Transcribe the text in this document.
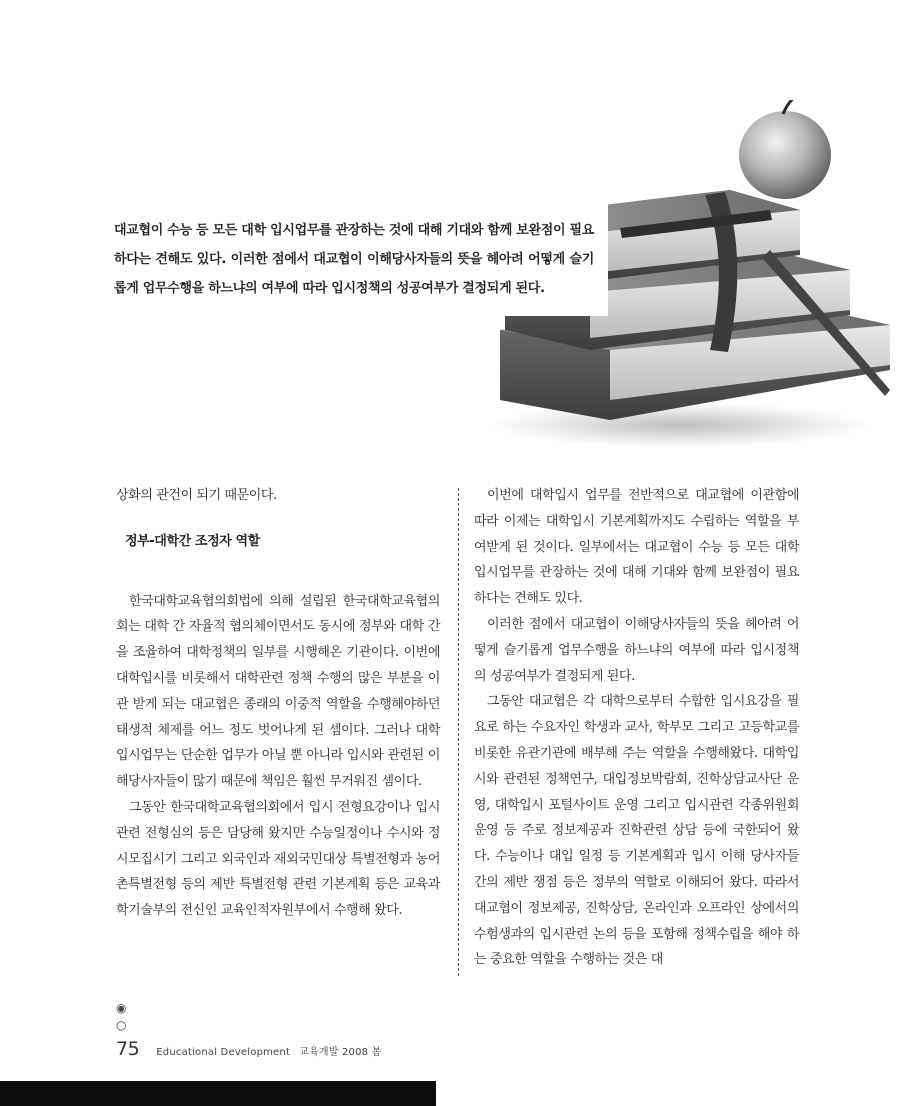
대교협이 수능 등 모든 대학 입시업무를 관장하는 것에 대해 기대와 함께 보완점이 필요하다는 견해도 있다. 이러한 점에서 대교협이 이해당사자들의 뜻을 헤아려 어떻게 슬기롭게 업무수행을 하느냐의 여부에 따라 입시정책의 성공여부가 결정되게 된다.

상화의 관건이 되기 때문이다.

정부-대학간 조정자 역할

한국대학교육협의회법에 의해 설립된 한국대학교육협의회는 대학 간 자율적 협의체이면서도 동시에 정부와 대학 간을 조율하여 대학정책의 일부를 시행해온 기관이다. 이번에 대학입시를 비롯해서 대학관련 정책 수행의 많은 부분을 이관 받게 되는 대교협은 종래의 이중적 역할을 수행해야하던 태생적 체제를 어느 정도 벗어나게 된 셈이다. 그러나 대학입시업무는 단순한 업무가 아닐 뿐 아니라 입시와 관련된 이해당사자들이 많기 때문에 책임은 훨씬 무거워진 셈이다.

그동안 한국대학교육협의회에서 입시 전형요강이나 입시관련 전형심의 등은 담당해 왔지만 수능일정이나 수시와 정시모집시기 그리고 외국인과 재외국민대상 특별전형과 농어촌특별전형 등의 제반 특별전형 관련 기본계획 등은 교육과학기술부의 전신인 교육인적자원부에서 수행해 왔다.

이번에 대학입시 업무를 전반적으로 대교협에 이관함에 따라 이제는 대학입시 기본계획까지도 수립하는 역할을 부여받게 된 것이다. 일부에서는 대교협이 수능 등 모든 대학 입시업무를 관장하는 것에 대해 기대와 함께 보완점이 필요하다는 견해도 있다.

이러한 점에서 대교협이 이해당사자들의 뜻을 헤아려 어떻게 슬기롭게 업무수행을 하느냐의 여부에 따라 입시정책의 성공여부가 결정되게 된다.

그동안 대교협은 각 대학으로부터 수합한 입시요강을 필요로 하는 수요자인 학생과 교사, 학부모 그리고 고등학교를 비롯한 유관기관에 배부해 주는 역할을 수행해왔다. 대학입시와 관련된 정책연구, 대입정보박람회, 진학상담교사단 운영, 대학입시 포털사이트 운영 그리고 입시관련 각종위원회 운영 등 주로 정보제공과 진학관련 상담 등에 국한되어 왔다. 수능이나 대입 일정 등 기본계획과 입시 이해 당사자들 간의 제반 쟁점 등은 정부의 역할로 이해되어 왔다. 따라서 대교협이 정보제공, 진학상담, 온라인과 오프라인 상에서의 수험생과의 입시관련 논의 등을 포함해 정책수립을 해야 하는 중요한 역할을 수행하는 것은 대

◉
○
75 Educational Development 교육개발 2008 봄
